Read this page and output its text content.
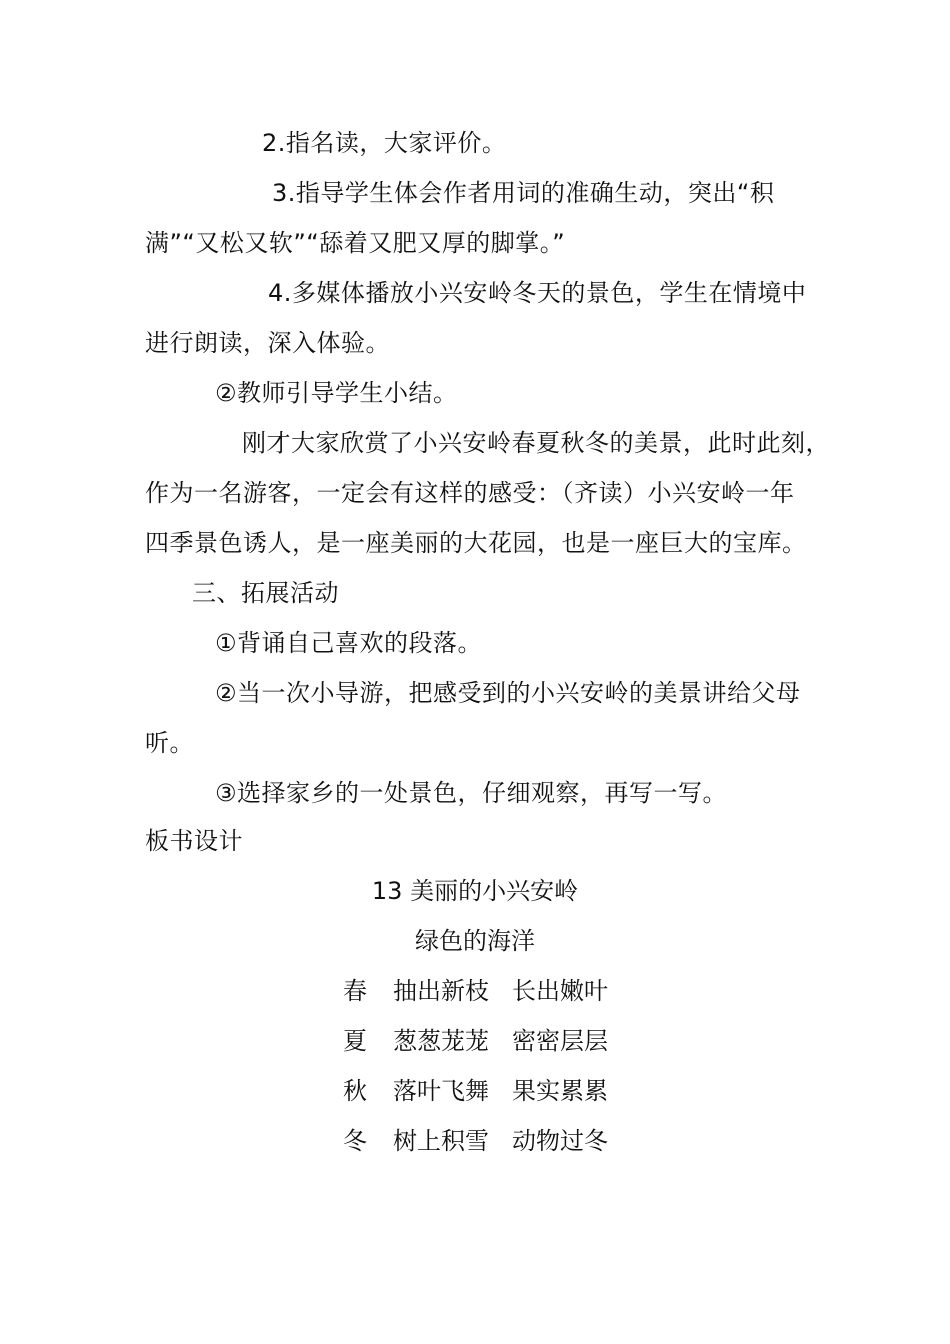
2.指名读，大家评价。
3.指导学生体会作者用词的准确生动，突出“积
满”“又松又软”“舔着又肥又厚的脚掌。”
4.多媒体播放小兴安岭冬天的景色，学生在情境中
进行朗读，深入体验。
②教师引导学生小结。
刚才大家欣赏了小兴安岭春夏秋冬的美景，此时此刻，
作为一名游客，一定会有这样的感受：（齐读）小兴安岭一年
四季景色诱人，是一座美丽的大花园，也是一座巨大的宝库。
三、拓展活动
①背诵自己喜欢的段落。
②当一次小导游，把感受到的小兴安岭的美景讲给父母
听。
③选择家乡的一处景色，仔细观察，再写一写。
板书设计
13 美丽的小兴安岭
绿色的海洋
春 抽出新枝 长出嫩叶
夏 葱葱茏茏 密密层层
秋 落叶飞舞 果实累累
冬 树上积雪 动物过冬
